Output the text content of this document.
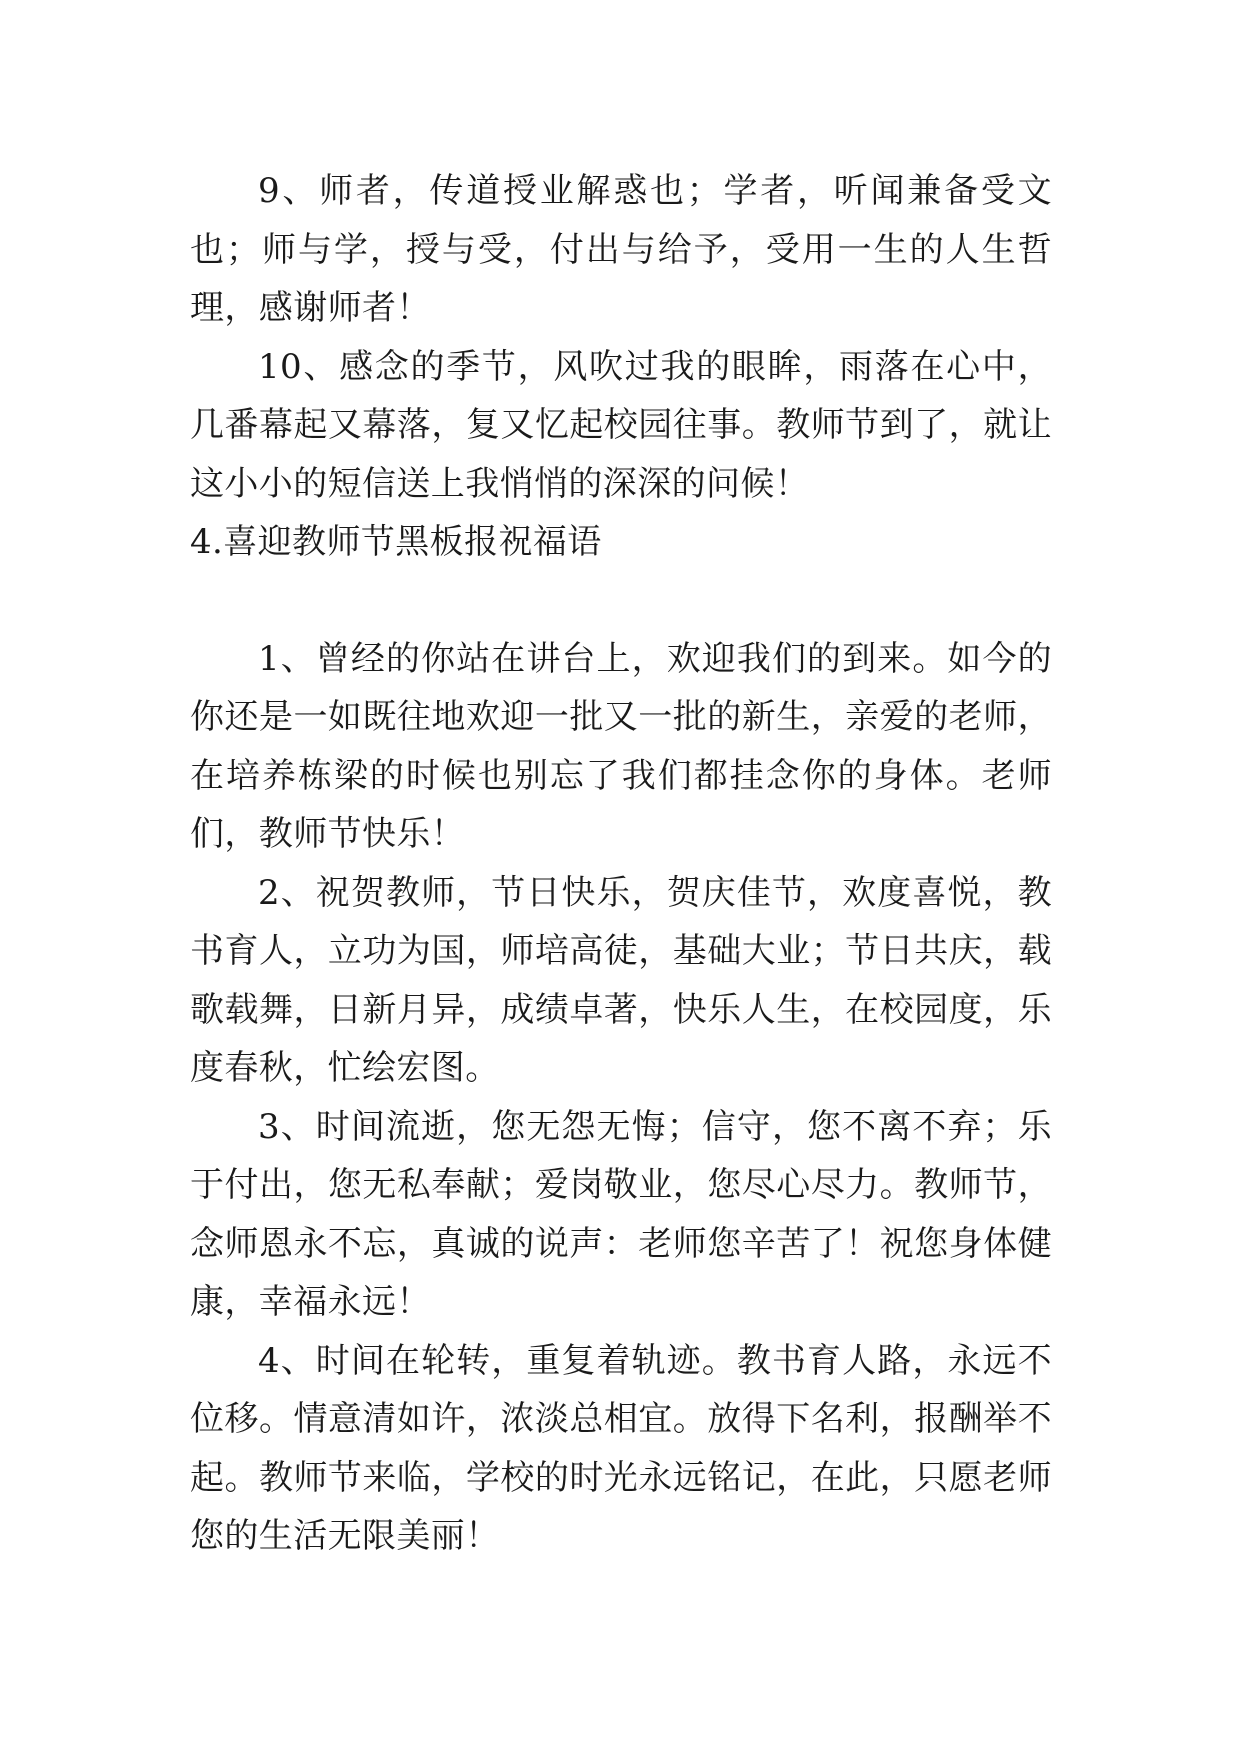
9、师者，传道授业解惑也；学者，听闻兼备受文也；师与学，授与受，付出与给予，受用一生的人生哲理，感谢师者！

10、感念的季节，风吹过我的眼眸，雨落在心中，几番幕起又幕落，复又忆起校园往事。教师节到了，就让这小小的短信送上我悄悄的深深的问候！

4.喜迎教师节黑板报祝福语

1、曾经的你站在讲台上，欢迎我们的到来。如今的你还是一如既往地欢迎一批又一批的新生，亲爱的老师，在培养栋梁的时候也别忘了我们都挂念你的身体。老师们，教师节快乐！

2、祝贺教师，节日快乐，贺庆佳节，欢度喜悦，教书育人，立功为国，师培高徒，基础大业；节日共庆，载歌载舞，日新月异，成绩卓著，快乐人生，在校园度，乐度春秋，忙绘宏图。

3、时间流逝，您无怨无悔；信守，您不离不弃；乐于付出，您无私奉献；爱岗敬业，您尽心尽力。教师节，念师恩永不忘，真诚的说声：老师您辛苦了！祝您身体健康，幸福永远！

4、时间在轮转，重复着轨迹。教书育人路，永远不位移。情意清如许，浓淡总相宜。放得下名利，报酬举不起。教师节来临，学校的时光永远铭记，在此，只愿老师您的生活无限美丽！
